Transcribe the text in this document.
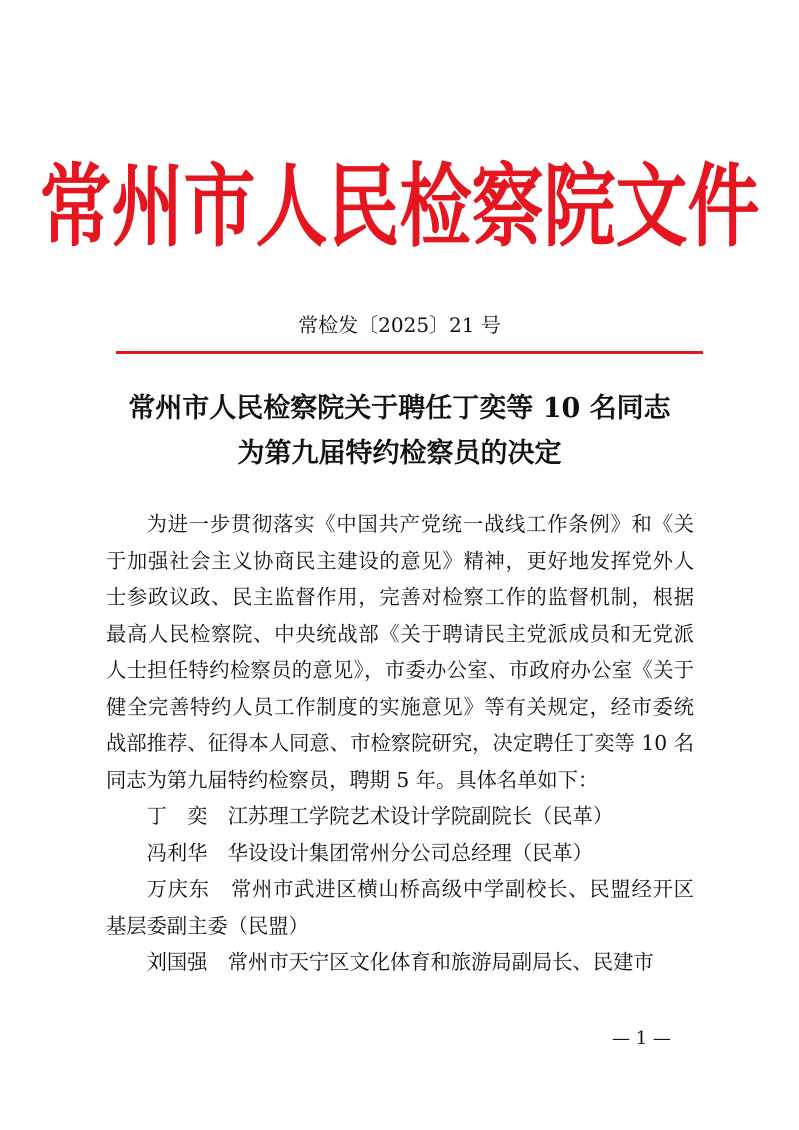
常州市人民检察院文件
常检发〔2025〕21 号
常州市人民检察院关于聘任丁奕等 10 名同志
为第九届特约检察员的决定

为进一步贯彻落实《中国共产党统一战线工作条例》和《关于加强社会主义协商民主建设的意见》精神，更好地发挥党外人士参政议政、民主监督作用，完善对检察工作的监督机制，根据最高人民检察院、中央统战部《关于聘请民主党派成员和无党派人士担任特约检察员的意见》，市委办公室、市政府办公室《关于健全完善特约人员工作制度的实施意见》等有关规定，经市委统战部推荐、征得本人同意、市检察院研究，决定聘任丁奕等 10 名同志为第九届特约检察员，聘期 5 年。具体名单如下：

丁　奕　 江苏理工学院艺术设计学院副院长（民革）

冯利华　 华设设计集团常州分公司总经理（民革）

万庆东　 常州市武进区横山桥高级中学副校长、民盟经开区基层委副主委（民盟）

刘国强　 常州市天宁区文化体育和旅游局副局长、民建市

— 1 —
